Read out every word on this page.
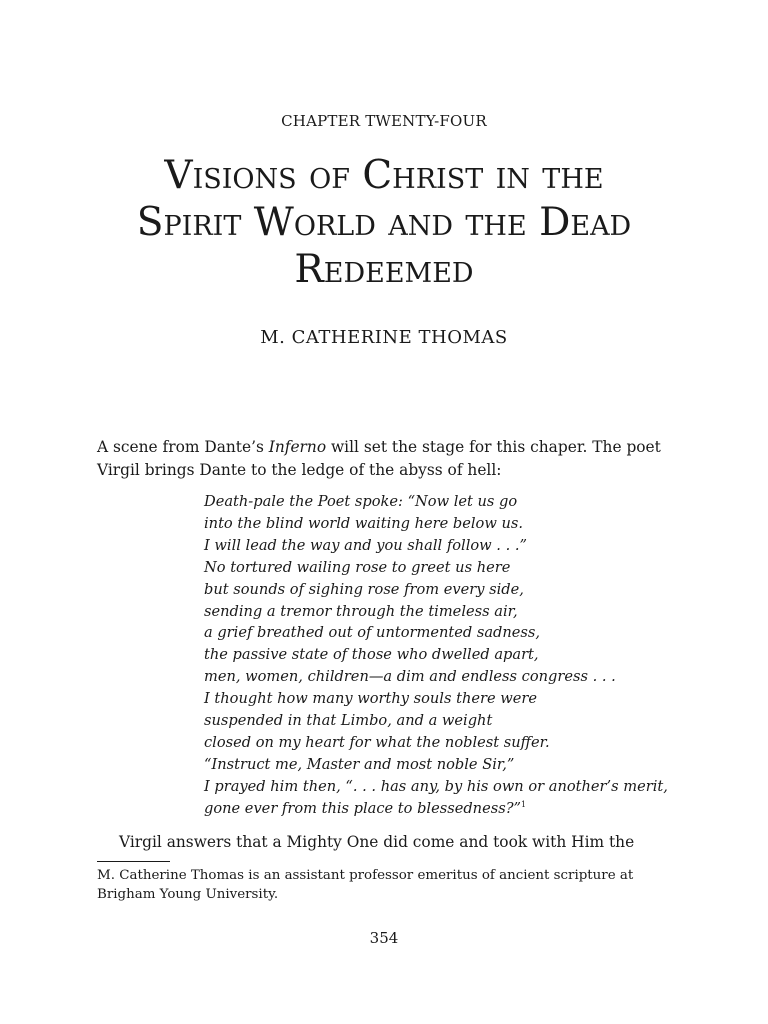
CHAPTER TWENTY-FOUR
Visions of Christ in the
Spirit World and the Dead
Redeemed
M. CATHERINE THOMAS

A scene from Dante’s Inferno will set the stage for this chaper. The poet Virgil brings Dante to the ledge of the abyss of hell:

Death-pale the Poet spoke: “Now let us go
into the blind world waiting here below us.
I will lead the way and you shall follow . . .”
No tortured wailing rose to greet us here
but sounds of sighing rose from every side,
sending a tremor through the timeless air,
a grief breathed out of untormented sadness,
the passive state of those who dwelled apart,
men, women, children—a dim and endless congress . . .
I thought how many worthy souls there were
suspended in that Limbo, and a weight
closed on my heart for what the noblest suffer.
“Instruct me, Master and most noble Sir,”
I prayed him then, “. . . has any, by his own or another’s merit,
gone ever from this place to blessedness?”$^1$

Virgil answers that a Mighty One did come and took with Him the

M. Catherine Thomas is an assistant professor emeritus of ancient scripture at Brigham Young University.

354
